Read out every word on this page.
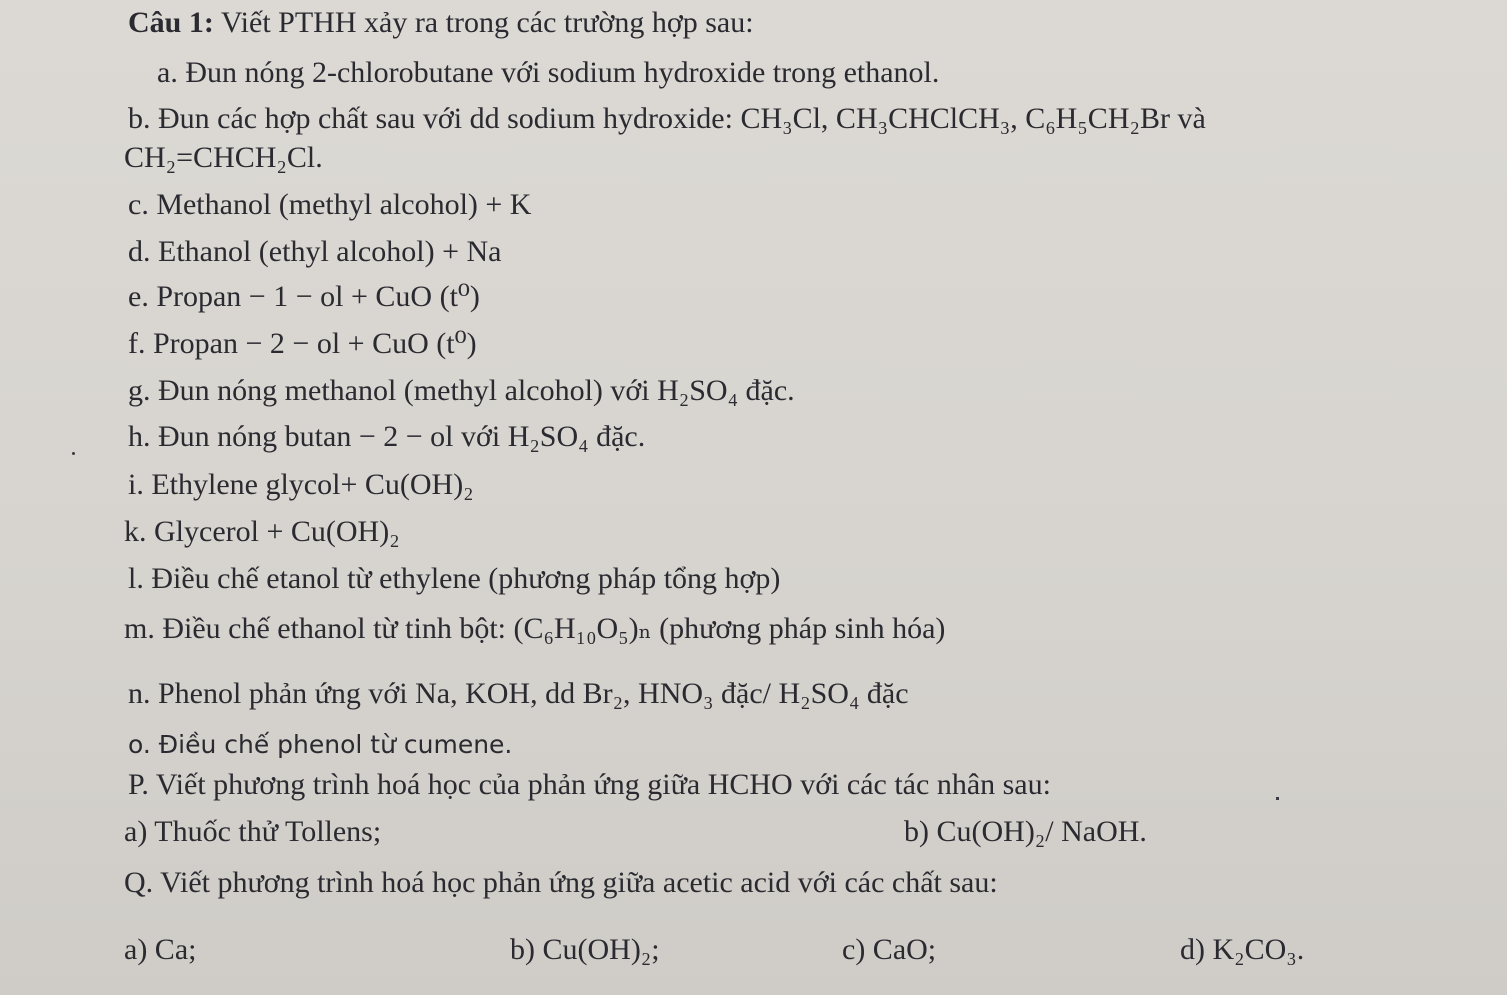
Câu 1: Viết PTHH xảy ra trong các trường hợp sau:
a. Đun nóng 2-chlorobutane với sodium hydroxide trong ethanol.
b. Đun các hợp chất sau với dd sodium hydroxide: CH₃Cl, CH₃CHClCH₃, C₆H₅CH₂Br và
CH₂=CHCH₂Cl.
c. Methanol (methyl alcohol) + K
d. Ethanol (ethyl alcohol) + Na
e. Propan − 1 − ol + CuO (t⁰)
f. Propan − 2 − ol + CuO (t⁰)
g. Đun nóng methanol (methyl alcohol) với H₂SO₄ đặc.
h. Đun nóng butan − 2 − ol với H₂SO₄ đặc.
i. Ethylene glycol+ Cu(OH)₂
k. Glycerol + Cu(OH)₂
l. Điều chế etanol từ ethylene (phương pháp tổng hợp)
m. Điều chế ethanol từ tinh bột: (C₆H₁₀O₅)ₙ (phương pháp sinh hóa)
n. Phenol phản ứng với Na, KOH, dd Br₂, HNO₃ đặc/ H₂SO₄ đặc
o. Điều chế phenol từ cumene.
P. Viết phương trình hoá học của phản ứng giữa HCHO với các tác nhân sau:
a) Thuốc thử Tollens;	b) Cu(OH)₂/ NaOH.
Q. Viết phương trình hoá học phản ứng giữa acetic acid với các chất sau:
a) Ca;	b) Cu(OH)₂;	c) CaO;	d) K₂CO₃.
